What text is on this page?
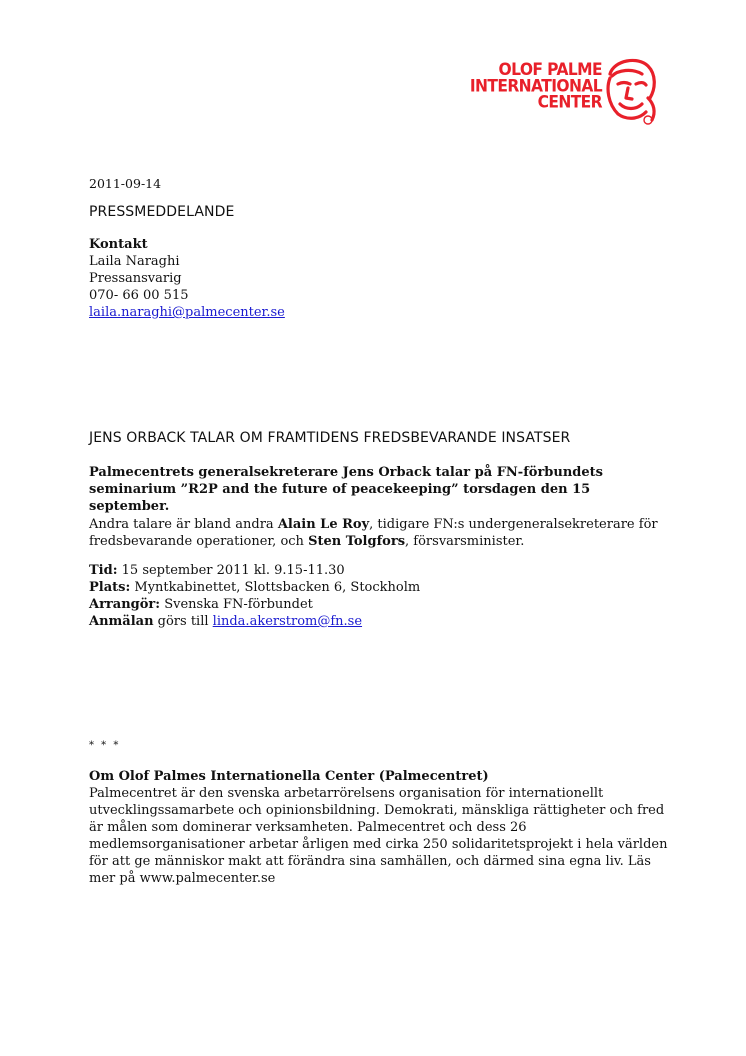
OLOF PALME
INTERNATIONAL
CENTER
2011-09-14
PRESSMEDDELANDE
Kontakt
Laila Naraghi
Pressansvarig
070- 66 00 515
laila.naraghi@palmecenter.se
JENS ORBACK TALAR OM FRAMTIDENS FREDSBEVARANDE INSATSER
Palmecentrets generalsekreterare Jens Orback talar på FN-förbundets seminarium ”R2P and the future of peacekeeping” torsdagen den 15 september.
Andra talare är bland andra Alain Le Roy, tidigare FN:s undergeneralsekreterare för fredsbevarande operationer, och Sten Tolgfors, försvarsminister.
Tid: 15 september 2011 kl. 9.15-11.30
Plats: Myntkabinettet, Slottsbacken 6, Stockholm
Arrangör: Svenska FN-förbundet
Anmälan görs till linda.akerstrom@fn.se
* * *
Om Olof Palmes Internationella Center (Palmecentret)
Palmecentret är den svenska arbetarrörelsens organisation för internationellt utvecklingssamarbete och opinionsbildning. Demokrati, mänskliga rättigheter och fred är målen som dominerar verksamheten. Palmecentret och dess 26 medlemsorganisationer arbetar årligen med cirka 250 solidaritetsprojekt i hela världen för att ge människor makt att förändra sina samhällen, och därmed sina egna liv. Läs mer på www.palmecenter.se
